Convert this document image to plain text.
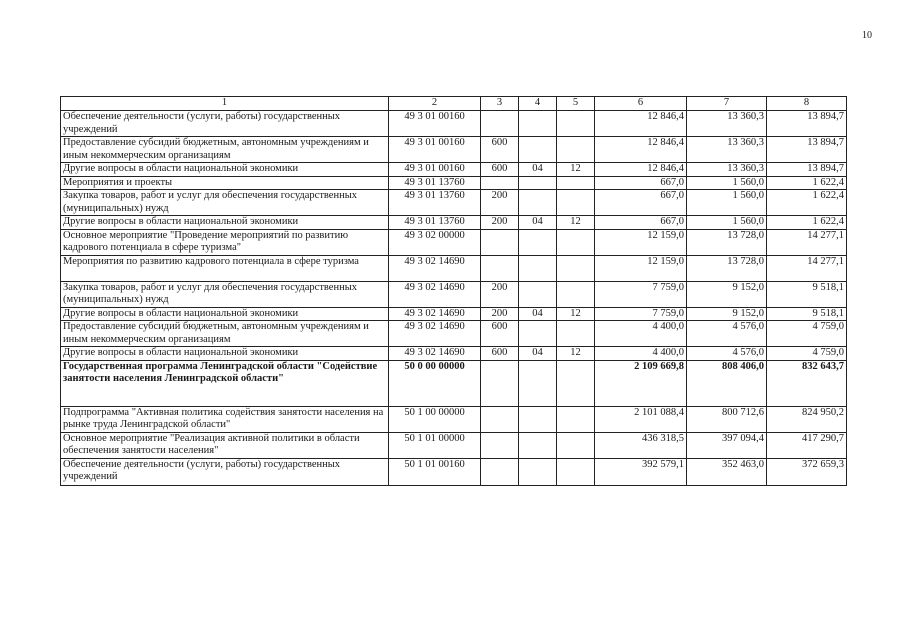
10
1	2	3	4	5	6	7	8
Обеспечение деятельности (услуги, работы) государственных учреждений	49 3 01 00160				12 846,4	13 360,3	13 894,7
Предоставление субсидий бюджетным, автономным учреждениям и иным некоммерческим организациям	49 3 01 00160	600			12 846,4	13 360,3	13 894,7
Другие вопросы в области национальной экономики	49 3 01 00160	600	04	12	12 846,4	13 360,3	13 894,7
Мероприятия и проекты	49 3 01 13760				667,0	1 560,0	1 622,4
Закупка товаров, работ и услуг для обеспечения государственных (муниципальных) нужд	49 3 01 13760	200			667,0	1 560,0	1 622,4
Другие вопросы в области национальной экономики	49 3 01 13760	200	04	12	667,0	1 560,0	1 622,4
Основное мероприятие "Проведение мероприятий по развитию кадрового потенциала в сфере туризма"	49 3 02 00000				12 159,0	13 728,0	14 277,1
Мероприятия по развитию кадрового потенциала в сфере туризма	49 3 02 14690				12 159,0	13 728,0	14 277,1
Закупка товаров, работ и услуг для обеспечения государственных (муниципальных) нужд	49 3 02 14690	200			7 759,0	9 152,0	9 518,1
Другие вопросы в области национальной экономики	49 3 02 14690	200	04	12	7 759,0	9 152,0	9 518,1
Предоставление субсидий бюджетным, автономным учреждениям и иным некоммерческим организациям	49 3 02 14690	600			4 400,0	4 576,0	4 759,0
Другие вопросы в области национальной экономики	49 3 02 14690	600	04	12	4 400,0	4 576,0	4 759,0
Государственная программа Ленинградской области "Содействие занятости населения Ленинградской области"	50 0 00 00000				2 109 669,8	808 406,0	832 643,7
Подпрограмма "Активная политика содействия занятости населения на рынке труда Ленинградской области"	50 1 00 00000				2 101 088,4	800 712,6	824 950,2
Основное мероприятие "Реализация активной политики в области обеспечения занятости населения"	50 1 01 00000				436 318,5	397 094,4	417 290,7
Обеспечение деятельности (услуги, работы) государственных учреждений	50 1 01 00160				392 579,1	352 463,0	372 659,3
